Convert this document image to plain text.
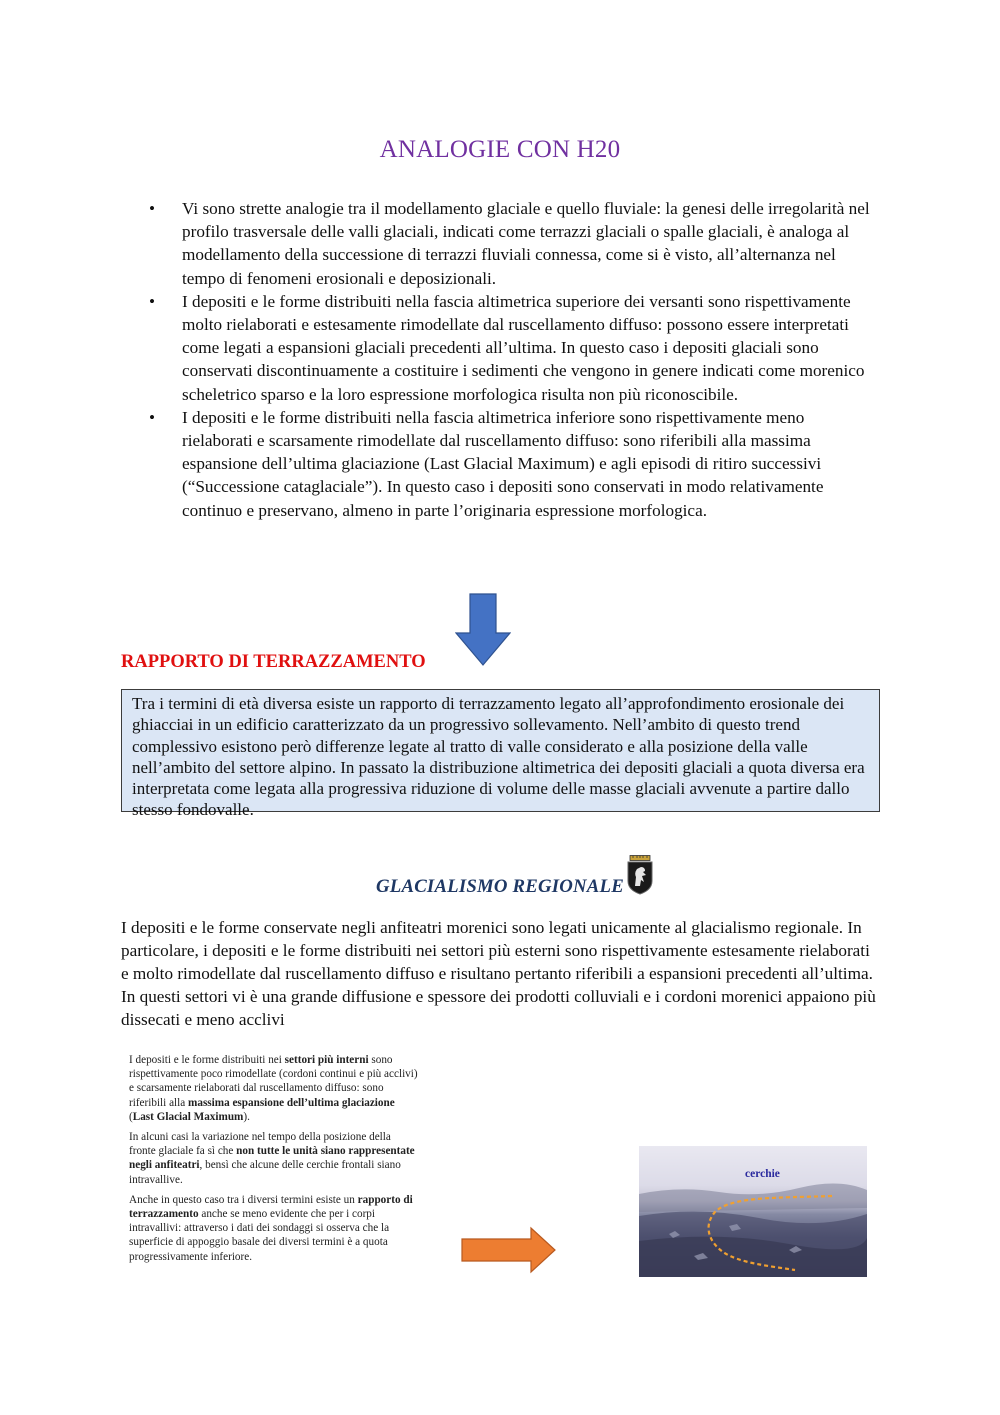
ANALOGIE CON H20
• Vi sono strette analogie tra il modellamento glaciale e quello fluviale: la genesi delle irregolarità nel profilo trasversale delle valli glaciali, indicati come terrazzi glaciali o spalle glaciali, è analoga al modellamento della successione di terrazzi fluviali connessa, come si è visto, all’alternanza nel tempo di fenomeni erosionali e deposizionali.
• I depositi e le forme distribuiti nella fascia altimetrica superiore dei versanti sono rispettivamente molto rielaborati e estesamente rimodellate dal ruscellamento diffuso: possono essere interpretati come legati a espansioni glaciali precedenti all’ultima. In questo caso i depositi glaciali sono conservati discontinuamente a costituire i sedimenti che vengono in genere indicati come morenico scheletrico sparso e la loro espressione morfologica risulta non più riconoscibile.
• I depositi e le forme distribuiti nella fascia altimetrica inferiore sono rispettivamente meno rielaborati e scarsamente rimodellate dal ruscellamento diffuso: sono riferibili alla massima espansione dell’ultima glaciazione (Last Glacial Maximum) e agli episodi di ritiro successivi (“Successione cataglaciale”). In questo caso i depositi sono conservati in modo relativamente continuo e preservano, almeno in parte l’originaria espressione morfologica.
RAPPORTO DI TERRAZZAMENTO
Tra i termini di età diversa esiste un rapporto di terrazzamento legato all’approfondimento erosionale dei ghiacciai in un edificio caratterizzato da un progressivo sollevamento. Nell’ambito di questo trend complessivo esistono però differenze legate al tratto di valle considerato e alla posizione della valle nell’ambito del settore alpino. In passato la distribuzione altimetrica dei depositi glaciali a quota diversa era interpretata come legata alla progressiva riduzione di volume delle masse glaciali avvenute a partire dallo stesso fondovalle.
GLACIALISMO REGIONALE
I depositi e le forme conservate negli anfiteatri morenici sono legati unicamente al glacialismo regionale. In particolare, i depositi e le forme distribuiti nei settori più esterni sono rispettivamente estesamente rielaborati e molto rimodellate dal ruscellamento diffuso e risultano pertanto riferibili a espansioni precedenti all’ultima. In questi settori vi è una grande diffusione e spessore dei prodotti colluviali e i cordoni morenici appaiono più dissecati e meno acclivi

I depositi e le forme distribuiti nei settori più interni sono rispettivamente poco rimodellate (cordoni continui e più acclivi) e scarsamente rielaborati dal ruscellamento diffuso: sono riferibili alla massima espansione dell’ultima glaciazione (Last Glacial Maximum).

In alcuni casi la variazione nel tempo della posizione della fronte glaciale fa sì che non tutte le unità siano rappresentate negli anfiteatri, bensì che alcune delle cerchie frontali siano intravallive.

Anche in questo caso tra i diversi termini esiste un rapporto di terrazzamento anche se meno evidente che per i corpi intravallivi: attraverso i dati dei sondaggi si osserva che la superficie di appoggio basale dei diversi termini è a quota progressivamente inferiore.

cerchie
